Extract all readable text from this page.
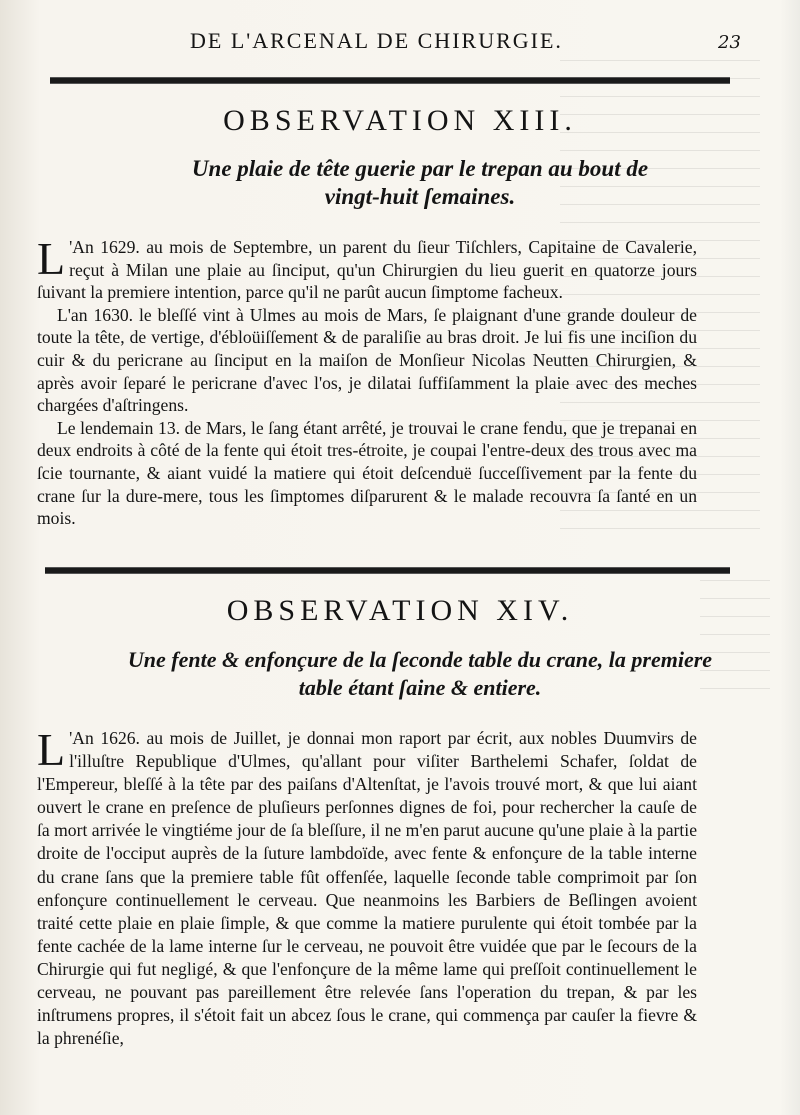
DE L'ARCENAL DE CHIRURGIE.	23
OBSERVATION XIII.
Une plaie de tête guerie par le trepan au bout de
vingt-huit ſemaines.

L 'An 1629. au mois de Septembre, un parent du ſieur Tiſchlers, Capitaine de Cavalerie, reçut à Milan une plaie au ſinciput, qu'un Chirurgien du lieu guerit en quatorze jours ſuivant la premiere intention, parce qu'il ne parût aucun ſimptome facheux.

L'an 1630. le bleſſé vint à Ulmes au mois de Mars, ſe plaignant d'une grande douleur de toute la tête, de vertige, d'ébloüiſſement & de paraliſie au bras droit. Je lui fis une inciſion du cuir & du pericrane au ſinciput en la maiſon de Monſieur Nicolas Neutten Chirurgien, & après avoir ſeparé le pericrane d'avec l'os, je dilatai ſuffiſamment la plaie avec des meches chargées d'aſtringens.

Le lendemain 13. de Mars, le ſang étant arrêté, je trouvai le crane fendu, que je trepanai en deux endroits à côté de la fente qui étoit tres-étroite, je coupai l'entre-deux des trous avec ma ſcie tournante, & aiant vuidé la matiere qui étoit deſcenduë ſucceſſivement par la fente du crane ſur la dure-mere, tous les ſimptomes diſparurent & le malade recouvra ſa ſanté en un mois.

OBSERVATION XIV.
Une fente & enfonçure de la ſeconde table du crane, la premiere
table étant ſaine & entiere.

L 'An 1626. au mois de Juillet, je donnai mon raport par écrit, aux nobles Duumvirs de l'illuſtre Republique d'Ulmes, qu'allant pour viſiter Barthelemi Schafer, ſoldat de l'Empereur, bleſſé à la tête par des paiſans d'Altenſtat, je l'avois trouvé mort, & que lui aiant ouvert le crane en preſence de pluſieurs perſonnes dignes de foi, pour rechercher la cauſe de ſa mort arrivée le vingtiéme jour de ſa bleſſure, il ne m'en parut aucune qu'une plaie à la partie droite de l'occiput auprès de la ſuture lambdoïde, avec fente & enfonçure de la table interne du crane ſans que la premiere table fût offenſée, laquelle ſeconde table comprimoit par ſon enfonçure continuellement le cerveau. Que neanmoins les Barbiers de Beſlingen avoient traité cette plaie en plaie ſimple, & que comme la matiere purulente qui étoit tombée par la fente cachée de la lame interne ſur le cerveau, ne pouvoit être vuidée que par le ſecours de la Chirurgie qui fut negligé, & que l'enfonçure de la même lame qui preſſoit continuellement le cerveau, ne pouvant pas pareillement être relevée ſans l'operation du trepan, & par les inſtrumens propres, il s'étoit fait un abcez ſous le crane, qui commença par cauſer la fievre & la phrenéſie,
